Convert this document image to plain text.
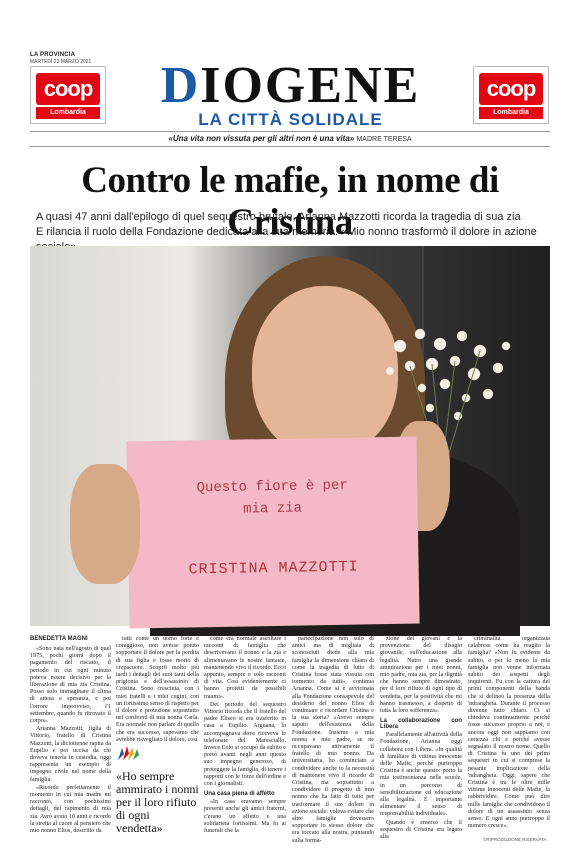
LA PROVINCIA
MARTEDÌ 23 MARZO 2021
coop
Lombardia	DIOGENE
LA CITTÀ SOLIDALE
coop
Lombardia
«Una vita non vissuta per gli altri non è una vita» MADRE TERESA
Contro le mafie, in nome di Cristina
A quasi 47 anni dall'epilogo di quel sequestro brutale, Arianna Mazzotti ricorda la tragedia di sua zia
E rilancia il ruolo della Fondazione dedicata alla sua memoria: «Mio nonno trasformò il dolore in azione
Questo fiore è per
mia zia
CRISTINA MAZZOTTI

BENEDETTA MAGNI

«Sono nata nell'agosto di quel 1975, pochi giorni dopo il pagamento del riscatto, il periodo in cui ogni minuto poteva essere decisivo per la liberazione di mia zia Cristina. Posso solo immaginare il clima di attesa e speranza, e poi l'orrore improvviso, l'1 settembre, quando fu ritrovato il corpo».

Arianna Mazzotti, figlia di Vittorio, fratello di Cristina Mazzotti, la diciottenne rapita da Eupilio e poi uccisa da chi doveva tenerla in custodia, oggi rappresenta un esempio di impegno civile nel nome della famiglia.

«Ricordo perfettamente il momento in cui mia madre mi raccontò, con pochissimi dettagli, del rapimento di mia zia. Avrò avuto 10 anni e ricordo la stretta al cuore al pensiero che mio nonno Elios, descritto da

tutti come un uomo forte e coraggioso, non avesse potuto sopportare il dolore per la perdita di sua figlia e fosse morto di crepacuore. Scoprii molto più tardi i dettagli dei suoi tanti della prigionia e dell'assassinio di Cristina. Sono cresciuta, con i miei fratelli e i miei cugini, con un fortissimo senso di rispetto per il dolore e protezione soprattutto nei confronti di mia nonna Carla. Era normale non parlare di quello che era successo, sapevamo che avrebbe risvegliato il dolore, così

«Ho sempre ammirato i nonni per il loro rifiuto di ogni vendetta»

come era normale ascoltare i racconti di famiglia che descrivevano il nonno e la zia e alimentavano le nostre fantasie, mantenendo vivo il ricordo. Ecco appunto, sempre e solo racconti di vita. Così evidentemente ci hanno protetti da possibili traumi».

Dei periodo del sequestro Vittorio ricorda che il fratello del padre Eliseo si era trasferito in casa a Eupilio. Arguana, lo accompagnava dove riceveva le telefonate del Maresciallo. Invece Eolo si occupò da subito e portò avanti negli anni questo suo impegno generoso, di proteggere la famiglia, di tenere i rapporti con le forze dell'ordine e con i giornalisti.

Una casa piena di affetto

«In casa eravamo sempre presenti anche gli amici fraterni, c'erano un affetto e una solidarietà fortissimi. Ma fu ai funerali che la

partecipazione non solo di amici ma di migliaia di sconosciuti diede alla mia famiglia la dimensione chiara di come la tragedia di lutto di Cristina fosse stata vissuta con tormento da tutti», continua Arianna. Come si è avvicinata alla Fondazione consapevole del desiderio del nonno Elios di continuare e ricordare Cristina e la sua storia? «Avevo sempre saputo dell'esistenza della Fondazione. Insieme a mia nonna e mio padre, se ne occupavano attivamente il fratello di mio nonno. Da universitaria, ho cominciato a condividere anche io la necessità di mantenere vivo il ricordo di Cristina, ma soprattutto a condividere il progetto di mio nonno che ha fatto di tutto per trasformare il suo dolore in azione sociale: voleva evitare che altre famiglie dovessero sopportare lo stesso dolore che era toccato alla nostra, puntando sulla forma-

zione dei giovani e la prevenzione del disagio giovanile, sull'educazione alla legalità. Nutro una grande ammirazione per i miei nonni, mio padre, mia zia, per la dignità che hanno sempre dimostrato, per il loro rifiuto di ogni tipo di vendetta, per la positività che mi hanno trasmesso, a dispetto di tutta la loro sofferenza».

La collaborazione con Libera

Parallelamente all'attività della Fondazione, Arianna oggi collabora con Libera. «In qualità di familiare di vittima innocente delle Mafie, perché purtroppo Cristina è anche questo: porto la mia testimonianza nelle scuole, in un percorso di sensibilizzazione ed educazione alla legalità. È importante alimentare il senso di responsabilità individuale».

Quando è emerso che il sequestro di Cristina era legato alla

criminalità organizzata calabrese come ha reagito la famiglia? «Non fu evidente da subito, o per lo meno la mia famiglia non venne informata subito dei sospetti degli inquirenti. Fu con la cattura dei primi componenti della banda che si delineò la presenza della 'ndrangheta. Durante il processo divenne tutto chiaro. Ci si chiedeva continuamente perché fosse successo proprio a noi, e ancora oggi non sappiamo con certezza chi e perché avesse segnalato il nostro nome. Quello di Cristina fu uno dei primi sequestri in cui si comprese la pesante implicazione della 'ndrangheta. Oggi, sapere che Cristina è tra le oltre mille vittime innocenti delle Mafie, fa rabbrividire. Come può dire mille famiglie che condividono il dolore di un assassinio senza senso. E ogni anno purtroppo il numero cresce».

©RIPRODUZIONE RISERVATA
